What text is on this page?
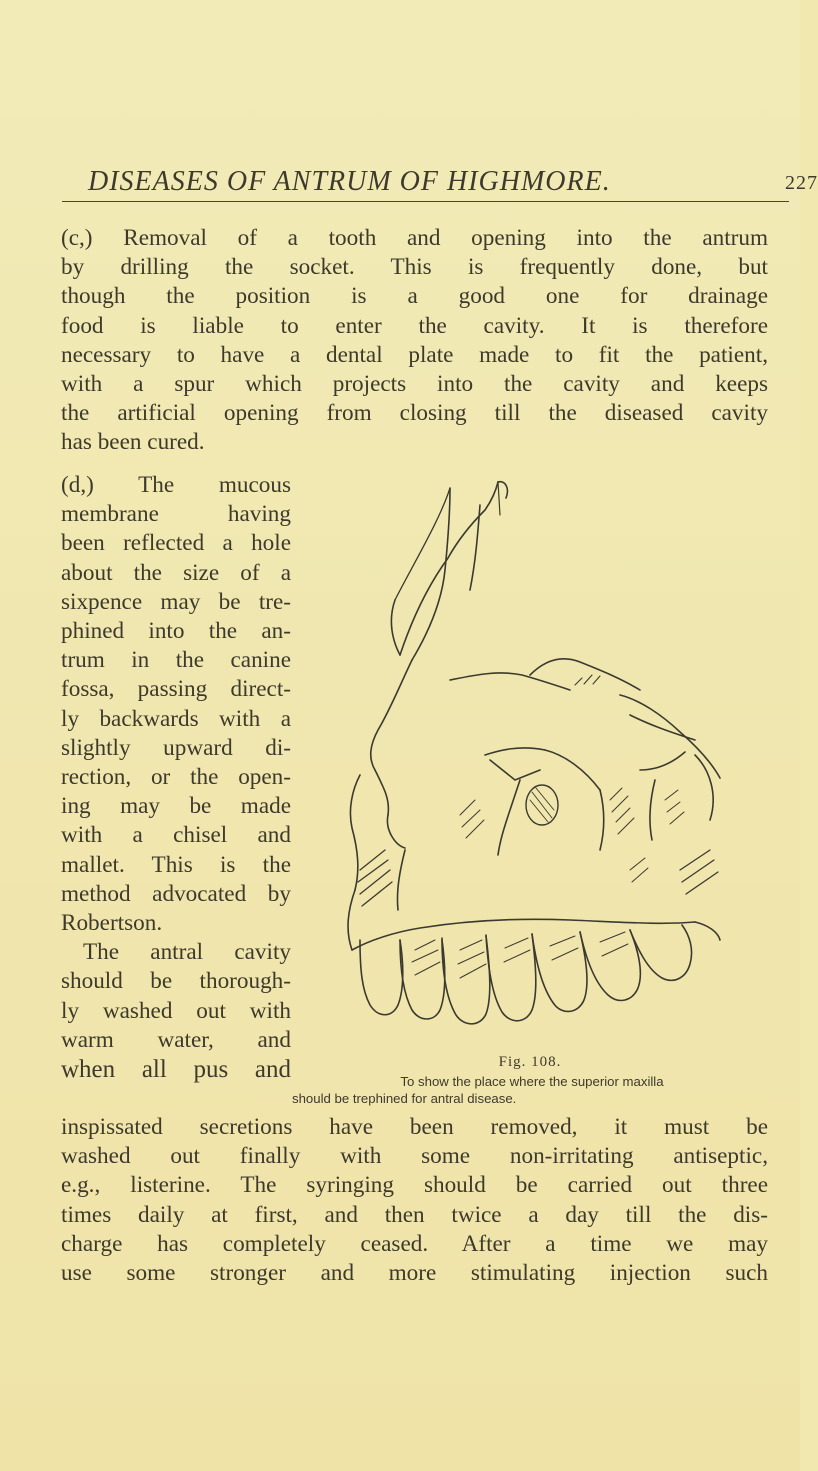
DISEASES OF ANTRUM OF HIGHMORE.	227
(c,) Removal of a tooth and opening into the antrum
by drilling the socket. This is frequently done, but
though the position is a good one for drainage
food is liable to enter the cavity. It is therefore
necessary to have a dental plate made to fit the patient,
with a spur which projects into the cavity and keeps
the artificial opening from closing till the diseased cavity
has been cured.
(d,) The mucous
membrane having
been reflected a hole
about the size of a
sixpence may be tre-
phined into the an-
trum in the canine
fossa, passing direct-
ly backwards with a
slightly upward di-
rection, or the open-
ing may be made
with a chisel and
mallet. This is the
method advocated by
Robertson.
The antral cavity
should be thorough-
ly washed out with
warm water, and
when all pus and	Fig. 108.
To show the place where the superior maxilla
should be trephined for antral disease.
inspissated secretions have been removed, it must be
washed out finally with some non-irritating antiseptic,
e.g., listerine. The syringing should be carried out three
times daily at first, and then twice a day till the dis-
charge has completely ceased. After a time we may
use some stronger and more stimulating injection such
